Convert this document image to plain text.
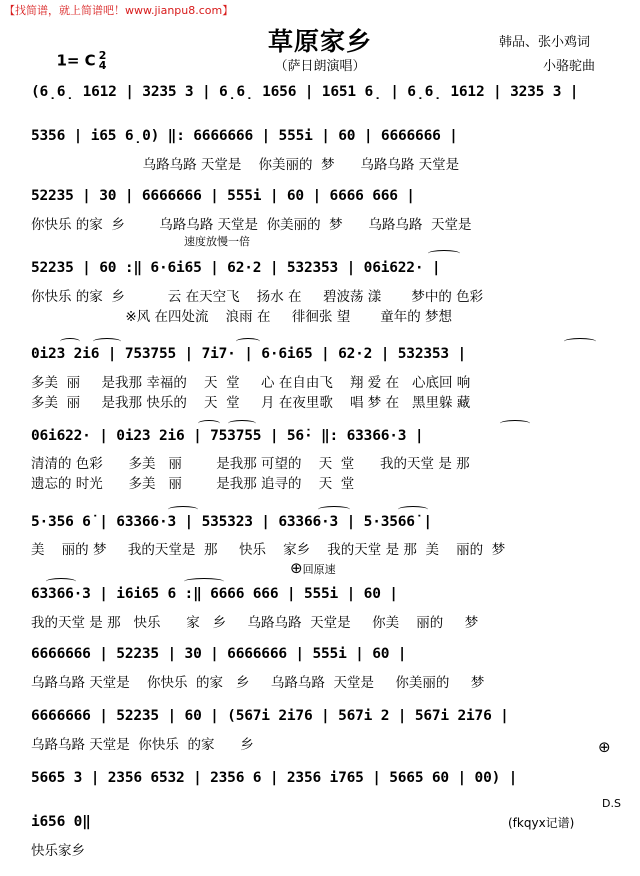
【找简谱，就上简谱吧！www.jianpu8.com】

1= C 2
4

草原家乡
（萨日朗演唱）
韩品、张小鸡词
小骆驼曲
(6̣6̣ 1612 | 3235 3 | 6̣6̣ 1656 | 1651 6̣ | 6̣6̣ 1612 | 3235 3 |
5356 | i65 6̣0) ‖: 6666666 | 555i | 60 | 6666666 |
乌路乌路 天堂是    你美丽的  梦      乌路乌路 天堂是
52235 | 30 | 6666666 | 555i | 60 | 6666 666 |
你快乐 的家  乡        乌路乌路 天堂是  你美丽的  梦      乌路乌路  天堂是
速度放慢一倍
52235 | 60 :‖ 6·6i65 | 62·2 | 532353 | 06i622· |
你快乐 的家  乡          云 在天空飞    扬水 在     碧波荡 漾       梦中的 色彩
※风 在四处流    浪雨 在     徘徊张 望       童年的 梦想
0i23 2i6 | 753755 | 7i7· | 6·6i65 | 62·2 | 532353 |
多美  丽     是我那 幸福的    天  堂     心 在自由飞    翔 爱 在   心底回 响
多美  丽     是我那 快乐的    天  堂     月 在夜里歌    唱 梦 在   黑里躲 藏
06i622· | 0i23 2i6 | 753755 | 56̇· ‖: 63366·3 |
清清的 色彩      多美   丽        是我那 可望的    天  堂      我的天堂 是 那
遗忘的 时光      多美   丽        是我那 追寻的    天  堂
5·356 6̇ | 63366·3 | 535323 | 63366·3 | 5·3566̇ |
美    丽的 梦     我的天堂是  那     快乐    家乡    我的天堂 是 那  美    丽的  梦
⊕回原速
63366·3 | i6i65 6 :‖ 6666 666 | 555i | 60 |
我的天堂 是 那   快乐      家   乡     乌路乌路  天堂是     你美    丽的     梦
6666666 | 52235 | 30 | 6666666 | 555i | 60 |
乌路乌路 天堂是    你快乐  的家   乡     乌路乌路  天堂是     你美丽的     梦
6666666 | 52235 | 60 | (567i 2i76 | 567i 2 | 567i 2i76 |
乌路乌路 天堂是  你快乐  的家      乡	⊕
5665 3 | 2356 6532 | 2356 6 | 2356 i765 | 5665 60 | 00) |
D.S
i656 0‖
快乐家乡
(fkqyx记谱)
